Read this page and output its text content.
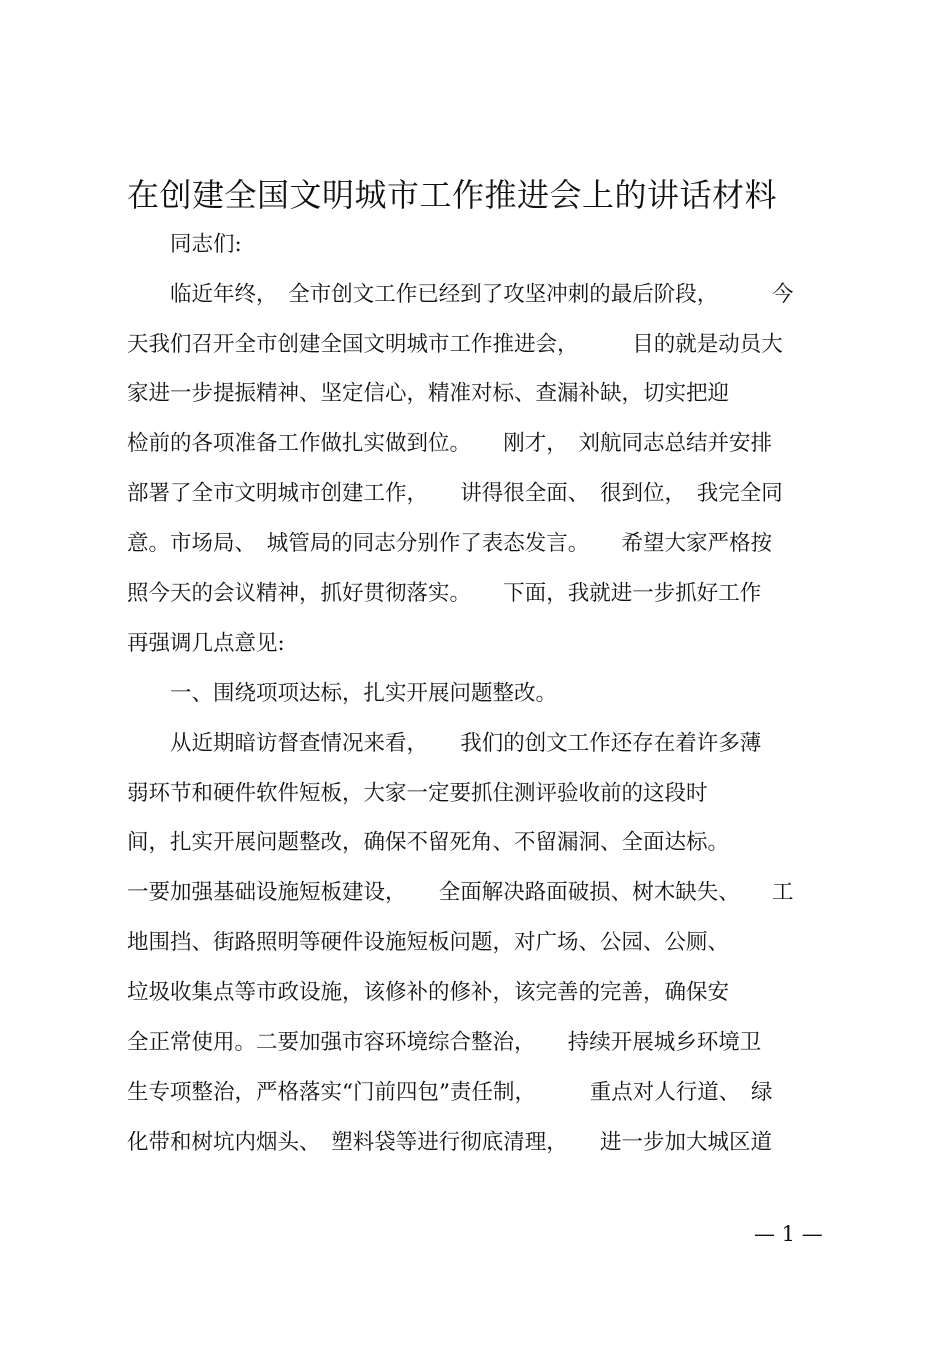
在创建全国文明城市工作推进会上的讲话材料
　　同志们:
　　临近年终，　全市创文工作已经到了攻坚冲刺的最后阶段，　　　今
天我们召开全市创建全国文明城市工作推进会，　　　目的就是动员大
家进一步提振精神、坚定信心，精准对标、查漏补缺，切实把迎
检前的各项准备工作做扎实做到位。　　刚才，　刘航同志总结并安排
部署了全市文明城市创建工作，　　讲得很全面、　很到位，　我完全同
意。市场局、　城管局的同志分别作了表态发言。　　希望大家严格按
照今天的会议精神，抓好贯彻落实。　　下面，我就进一步抓好工作
再强调几点意见:
　　一、围绕项项达标，扎实开展问题整改。
　　从近期暗访督查情况来看，　　我们的创文工作还存在着许多薄
弱环节和硬件软件短板，大家一定要抓住测评验收前的这段时
间，扎实开展问题整改，确保不留死角、不留漏洞、全面达标。
一要加强基础设施短板建设，　　全面解决路面破损、树木缺失、　　工
地围挡、街路照明等硬件设施短板问题，对广场、公园、公厕、
垃圾收集点等市政设施，该修补的修补，该完善的完善，确保安
全正常使用。二要加强市容环境综合整治，　　持续开展城乡环境卫
生专项整治，严格落实“门前四包”责任制，　　　重点对人行道、　绿
化带和树坑内烟头、　塑料袋等进行彻底清理，　　进一步加大城区道
— 1 —
